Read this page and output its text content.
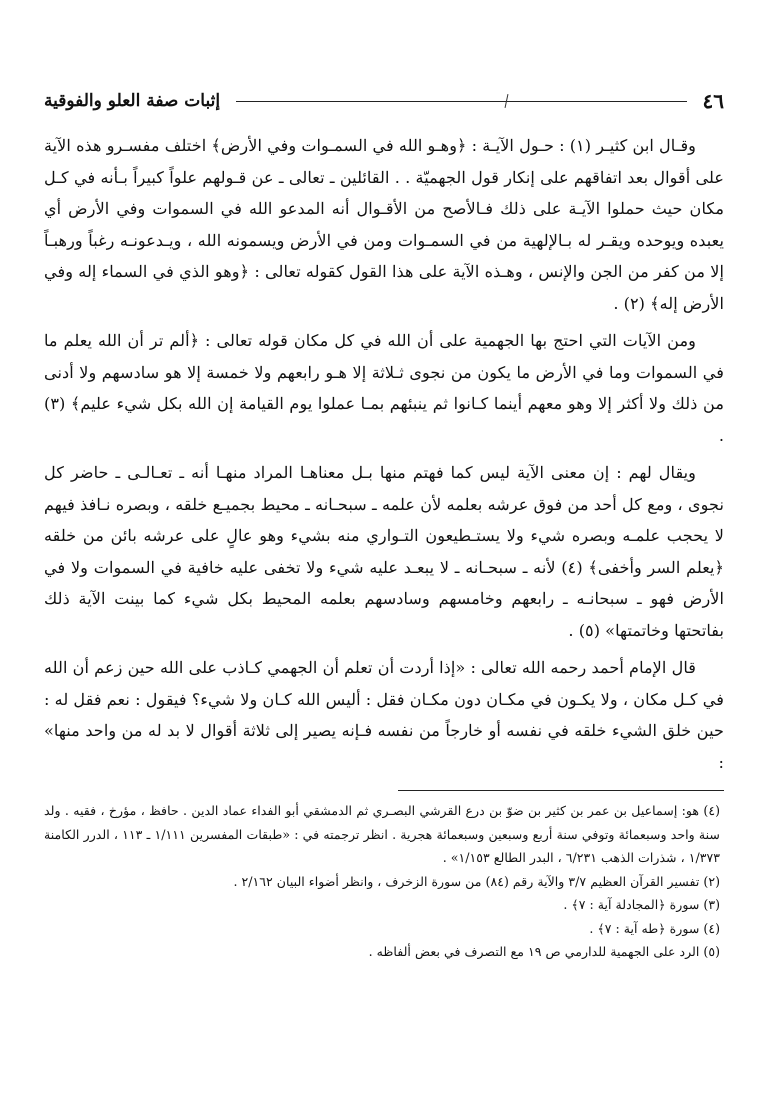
٤٦
إثبات صفة العلو والفوقية

وقـال ابن كثيـر (١) : حـول الآيـة : ﴿وهـو الله في السمـوات وفي الأرض﴾ اختلف مفسـرو هذه الآية على أقوال بعد اتفاقهم على إنكار قول الجهميّة . . القائلين ـ تعالى ـ عن قـولهم علواً كبيراً بـأنه في كـل مكان حيث حملوا الآيـة على ذلك فـالأصح من الأقـوال أنه المدعو الله في السموات وفي الأرض أي يعبده ويوحده ويقـر له بـالإلهية من في السمـوات ومن في الأرض ويسمونه الله ، ويـدعونـه رغباً ورهبـاً إلا من كفر من الجن والإنس ، وهـذه الآية على هذا القول كقوله تعالى : ﴿وهو الذي في السماء إله وفي الأرض إله﴾ (٢) .

ومن الآيات التي احتج بها الجهمية على أن الله في كل مكان قوله تعالى : ﴿ألم تر أن الله يعلم ما في السموات وما في الأرض ما يكون من نجوى ثـلاثة إلا هـو رابعهم ولا خمسة إلا هو سادسهم ولا أدنى من ذلك ولا أكثر إلا وهو معهم أينما كـانوا ثم ينبئهم بمـا عملوا يوم القيامة إن الله بكل شيء عليم﴾ (٣) .

ويقال لهم : إن معنى الآية ليس كما فهتم منها بـل معناهـا المراد منهـا أنه ـ تعـالـى ـ حاضر كل نجوى ، ومع كل أحد من فوق عرشه بعلمه لأن علمه ـ سبحـانه ـ محيط بجميـع خلقه ، وبصره نـافذ فيهم لا يحجب علمـه وبصره شيء ولا يستـطيعون التـواري منه بشيء وهو عالٍ على عرشه بائن من خلقه ﴿يعلم السر وأخفى﴾ (٤) لأنه ـ سبحـانه ـ لا يبعـد عليه شيء ولا تخفى عليه خافية في السموات ولا في الأرض فهو ـ سبحانـه ـ رابعهم وخامسهم وسادسهم بعلمه المحيط بكل شيء كما بينت الآية ذلك بفاتحتها وخاتمتها» (٥) .

قال الإمام أحمد رحمه الله تعالى : «إذا أردت أن تعلم أن الجهمي كـاذب على الله حين زعم أن الله في كـل مكان ، ولا يكـون في مكـان دون مكـان فقل : أليس الله كـان ولا شيء؟ فيقول : نعم فقل له : حين خلق الشيء خلقه في نفسه أو خارجاً من نفسه فـإنه يصير إلى ثلاثة أقوال لا بد له من واحد منها» :

(٤) هو: إسماعيل بن عمر بن كثير بن ضوّ بن درع القرشي البصـري ثم الدمشقي أبو الفداء عماد الدين . حافظ ، مؤرخ ، فقيه . ولد سنة واحد وسبعمائة وتوفي سنة أربع وسبعين وسبعمائة هجرية . انظر ترجمته في : «طبقات المفسرين ١/١١١ ـ ١١٣ ، الدرر الكامنة ١/٣٧٣ ، شذرات الذهب ٦/٢٣١ ، البدر الطالع ١/١٥٣» .

(٢) تفسير القرآن العظيم ٣/٧ والآية رقم (٨٤) من سورة الزخرف ، وانظر أضواء البيان ٢/١٦٢ .

(٣) سورة ﴿المجادلة آية : ٧﴾ .

(٤) سورة ﴿طه آية : ٧﴾ .

(٥) الرد على الجهمية للدارمي ص ١٩ مع التصرف في بعض ألفاظه .
